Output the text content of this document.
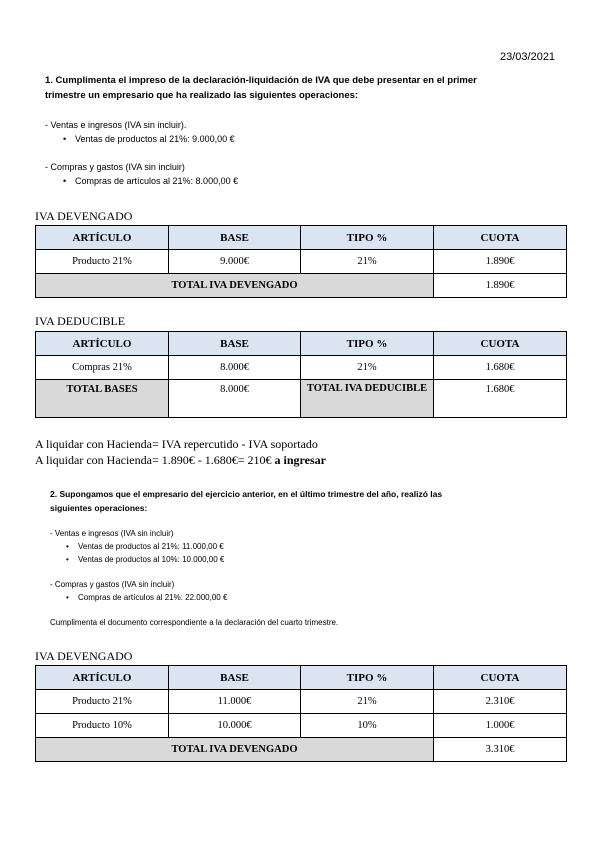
23/03/2021
1. Cumplimenta el impreso de la declaración-liquidación de IVA que debe presentar en el primer
trimestre un empresario que ha realizado las siguientes operaciones:
- Ventas e ingresos (IVA sin incluir).
• Ventas de productos al 21%: 9.000,00 €
- Compras y gastos (IVA sin incluir)
• Compras de artículos al 21%: 8.000,00 €
IVA DEVENGADO
ARTÍCULO	BASE	TIPO %	CUOTA
Producto 21%	9.000€	21%	1.890€
TOTAL IVA DEVENGADO			1.890€
IVA DEDUCIBLE
ARTÍCULO	BASE	TIPO %	CUOTA
Compras 21%	8.000€	21%	1.680€
TOTAL BASES	8.000€	TOTAL IVA DEDUCIBLE	1.680€
A liquidar con Hacienda= IVA repercutido - IVA soportado
A liquidar con Hacienda= 1.890€ - 1.680€= 210€ a ingresar
2. Supongamos que el empresario del ejercicio anterior, en el último trimestre del año, realizó las
siguientes operaciones:
- Ventas e ingresos (IVA sin incluir)
• Ventas de productos al 21%: 11.000,00 €
• Ventas de productos al 10%: 10.000,00 €
- Compras y gastos (IVA sin incluir)
• Compras de artículos al 21%: 22.000,00 €
Cumplimenta el documento correspondiente a la declaración del cuarto trimestre.
IVA DEVENGADO
ARTÍCULO	BASE	TIPO %	CUOTA
Producto 21%	11.000€	21%	2.310€
Producto 10%	10.000€	10%	1.000€
TOTAL IVA DEVENGADO			3.310€
